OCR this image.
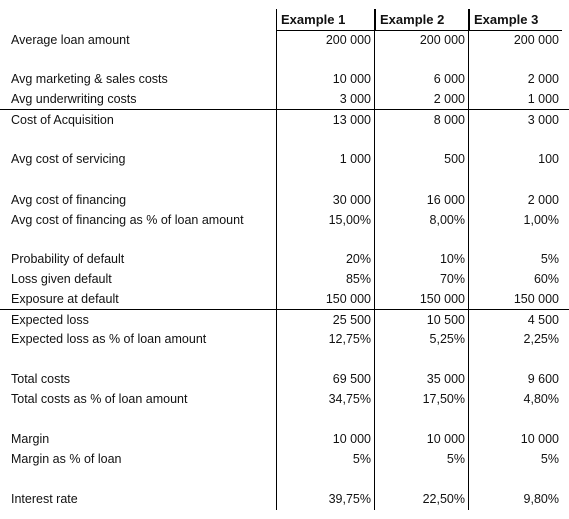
Example 1	Example 2	Example 3
Average loan amount	200 000	200 000	200 000
Avg marketing & sales costs	10 000	6 000	2 000
Avg underwriting costs	3 000	2 000	1 000
Cost of Acquisition	13 000	8 000	3 000
Avg cost of servicing	1 000	500	100
Avg cost of financing	30 000	16 000	2 000
Avg cost of financing as % of loan amount	15,00%	8,00%	1,00%
Probability of default	20%	10%	5%
Loss given default	85%	70%	60%
Exposure at default	150 000	150 000	150 000
Expected loss	25 500	10 500	4 500
Expected loss as % of loan amount	12,75%	5,25%	2,25%
Total costs	69 500	35 000	9 600
Total costs as % of loan amount	34,75%	17,50%	4,80%
Margin	10 000	10 000	10 000
Margin as % of loan	5%	5%	5%
Interest rate	39,75%	22,50%	9,80%
